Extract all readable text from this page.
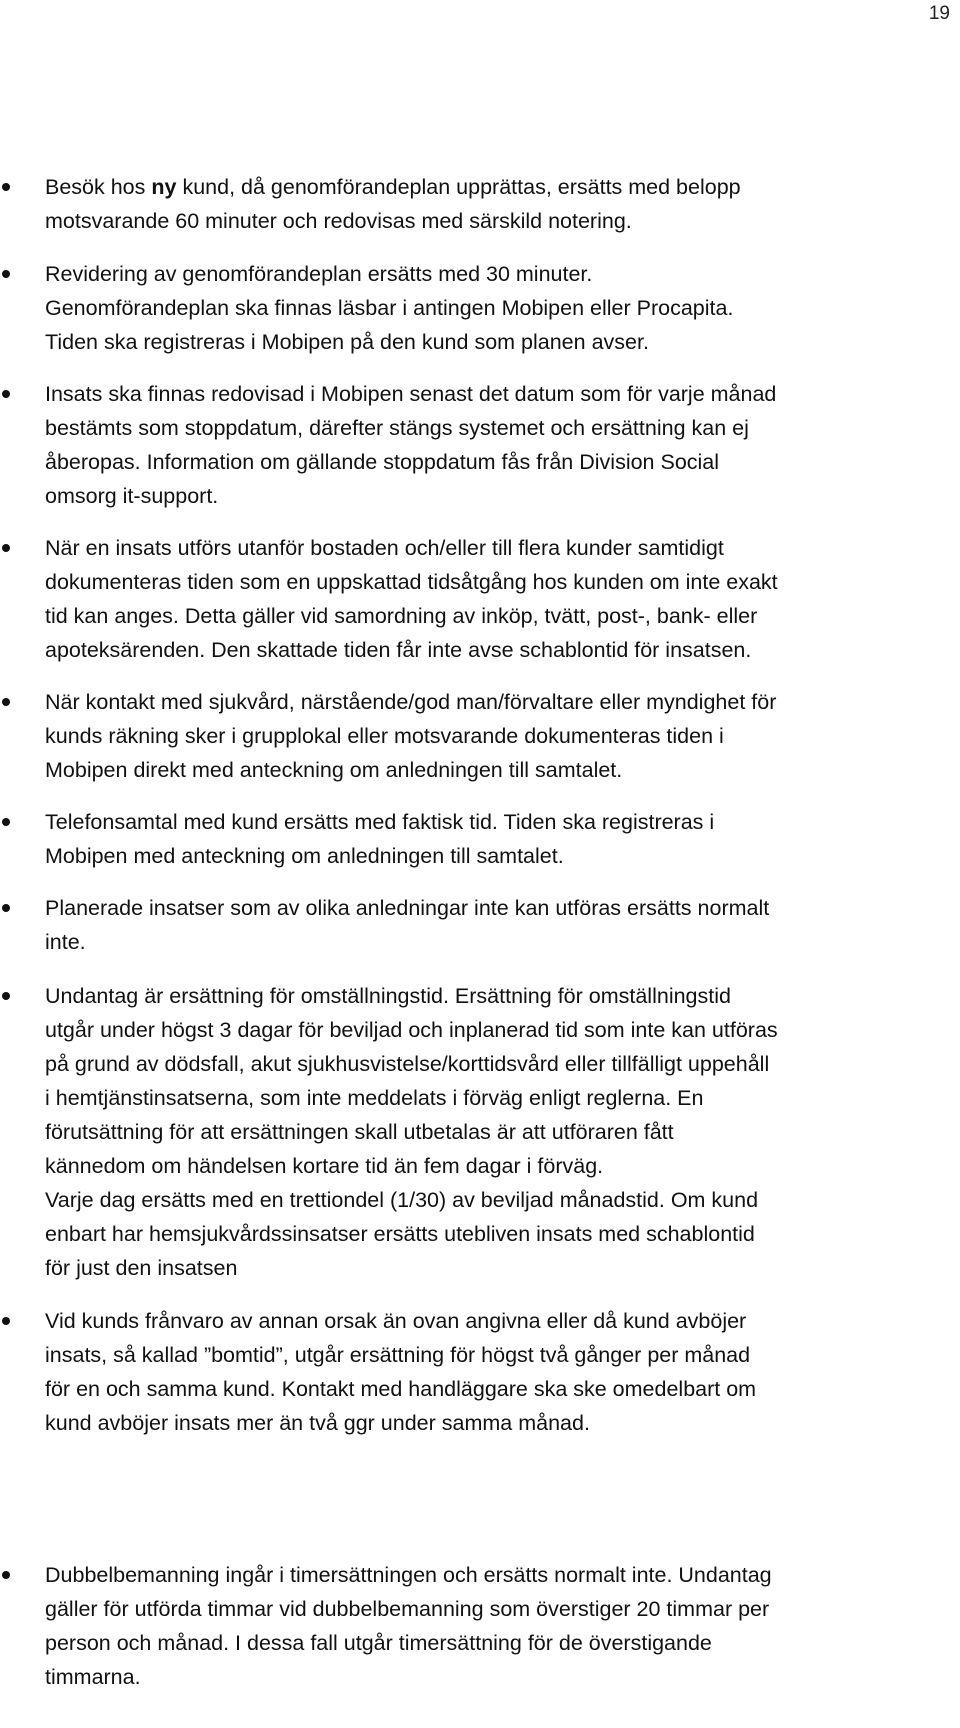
19
Besök hos ny kund, då genomförandeplan upprättas, ersätts med belopp
motsvarande 60 minuter och redovisas med särskild notering.
Revidering av genomförandeplan ersätts med 30 minuter.
Genomförandeplan ska finnas läsbar i antingen Mobipen eller Procapita.
Tiden ska registreras i Mobipen på den kund som planen avser.
Insats ska finnas redovisad i Mobipen senast det datum som för varje månad
bestämts som stoppdatum, därefter stängs systemet och ersättning kan ej
åberopas. Information om gällande stoppdatum fås från Division Social
omsorg it-support.
När en insats utförs utanför bostaden och/eller till flera kunder samtidigt
dokumenteras tiden som en uppskattad tidsåtgång hos kunden om inte exakt
tid kan anges. Detta gäller vid samordning av inköp, tvätt, post-, bank- eller
apoteksärenden. Den skattade tiden får inte avse schablontid för insatsen.
När kontakt med sjukvård, närstående/god man/förvaltare eller myndighet för
kunds räkning sker i grupplokal eller motsvarande dokumenteras tiden i
Mobipen direkt med anteckning om anledningen till samtalet.
Telefonsamtal med kund ersätts med faktisk tid. Tiden ska registreras i
Mobipen med anteckning om anledningen till samtalet.
Planerade insatser som av olika anledningar inte kan utföras ersätts normalt
inte.
Undantag är ersättning för omställningstid. Ersättning för omställningstid
utgår under högst 3 dagar för beviljad och inplanerad tid som inte kan utföras
på grund av dödsfall, akut sjukhusvistelse/korttidsvård eller tillfälligt uppehåll
i hemtjänstinsatserna, som inte meddelats i förväg enligt reglerna. En
förutsättning för att ersättningen skall utbetalas är att utföraren fått
kännedom om händelsen kortare tid än fem dagar i förväg.
Varje dag ersätts med en trettiondel (1/30) av beviljad månadstid. Om kund
enbart har hemsjukvårdssinsatser ersätts utebliven insats med schablontid
för just den insatsen
Vid kunds frånvaro av annan orsak än ovan angivna eller då kund avböjer
insats, så kallad ”bomtid”, utgår ersättning för högst två gånger per månad
för en och samma kund. Kontakt med handläggare ska ske omedelbart om
kund avböjer insats mer än två ggr under samma månad.
Dubbelbemanning ingår i timersättningen och ersätts normalt inte. Undantag
gäller för utförda timmar vid dubbelbemanning som överstiger 20 timmar per
person och månad. I dessa fall utgår timersättning för de överstigande
timmarna.
